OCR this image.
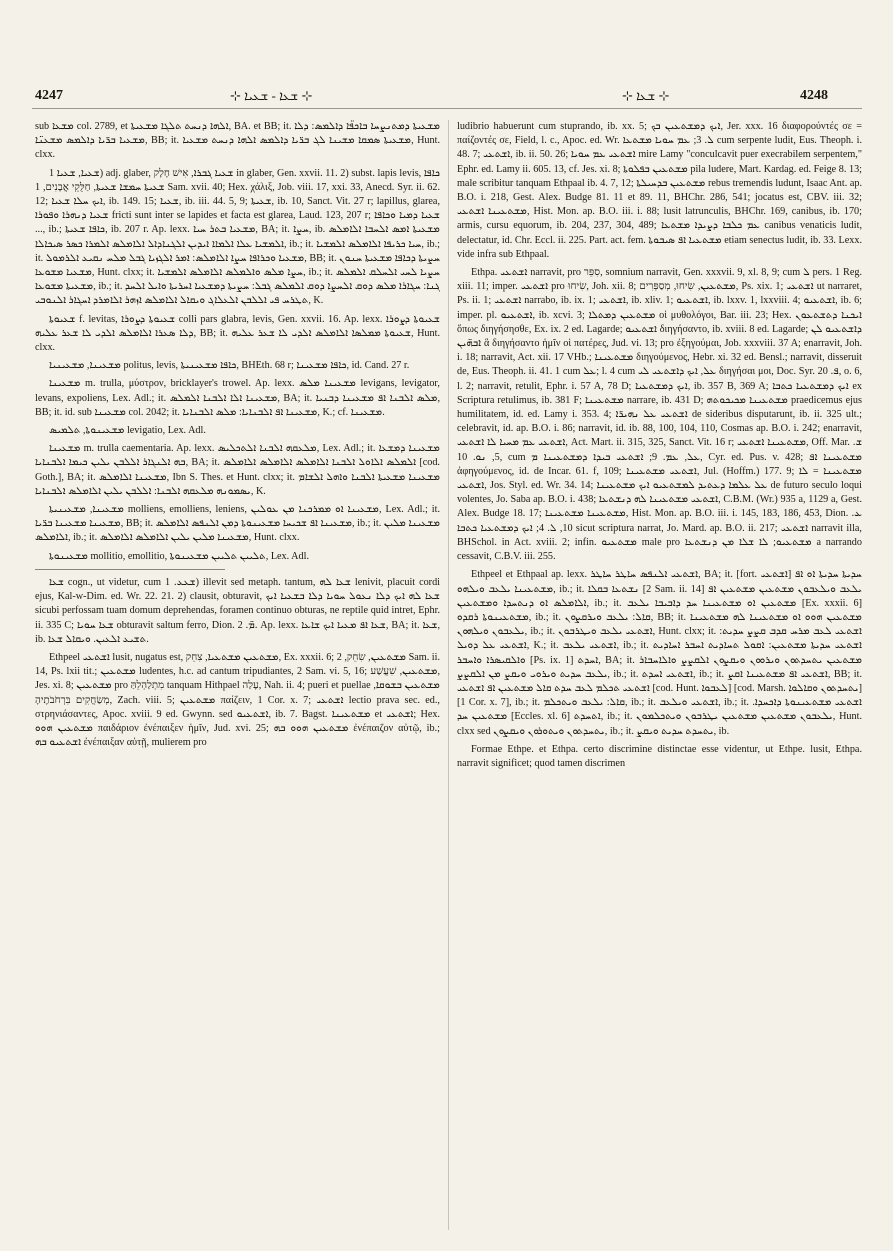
4247	⊹ ܫܥܐ - ܫܥܝܐ ⊹	⊹ ܫܥܐ ⊹	4248

sub ܡܫܥܐ col. 2789, et ܐܠܗܐ ܕܢܚܬ ܬܠܓܐ ܡܫܥܝܬܐ, BA. et BB; it. ܡܫܥܝܬܐ ܕܡܬܢܨܚܐ ܒܐܟܦ̈ܐ ܕܐܠܡܣ: ܕܠܐ ܡܫܥܝܐ ܒܪ̈ܝܐ ܕܐܠܡܣ ܡܫܥܢ̈ܐ, BB; it. ܡܫܥܝܬܐ ܣܡܩܐ ܡܫܝܢܐ ܠܓ ܒܪ̈ܝܐ ܕܐܠܡܣ ܐܠܗܐ ܕܢܚܬ ܡܫܥܝܐ, Hunt. clxx.

ܫܥܝܐ, ܫܥܝܐ 1) adj. glaber, ܫܥܝܐ ܓܒܪܐ, אִישׁ חָלָק in glaber, Gen. xxvii. 11. 2) subst. lapis levis, ܟܐܦܐ ܫܥܝܬܐ ܚܡܫܐ ܫܥܝܬܐ, חַלֻּקֵי אֲבָנִים, 1 Sam. xvii. 40; Hex. χάλιξ, Job. viii. 17, xxi. 33, Anecd. Syr. ii. 62. 12; ܐܝܟ ܚܠܐ ܫܥܝܐ, ib. 149. 15; ܫܥܝܐ, ib. iii. 44. 5, 9; ܫܥܝܬܐ, ib. 10, Sanct. Vit. 27 r; lapillus, glarea, ܫܥܝܐ ܕܢܗܪܐ ܘܦܘܪܐ fricti sunt inter se lapides et facta est glarea, Laud. 123, 207 r; ܫܥܝܐ ܕܡܝܐ ܘܟܐܦܐ ..., ib.; ܟܐܦܐ ܫܥܝܬܐ, ib. 207 r. Ap. lexx. ܡܫܥܝܐ ܒܬܪ ܚܝܐ, BA; it. ܚܨܐ, ib. ܡܫܥܝܬܐ ܐܡܣ ܐܠܚܒܐ ܐܠܐܡܠܣ ܐܠܡܫܝܐ ܥܠܐ ܐܠܡܐܐ ܐܝܕܝܢ ܐܠܓܢܐܕܐܠ ܐܠܐܡܠܣ ܐܠܡܪܐ ܟܣܪ ܣܝܟܐܠܐ, ib.; it. ܚܝܐ ܟܪܝܦܐ ܐܠܐܡܠܣ ܐܠܡܫܝܐ, ib.; it. ܡܫܥܝܐ ܘܟܪܐܦܐ ܚܨܐ ܐܠܐܡܠܣ: ܐܡܪ ܐܠܓܙܝܐ ܓܒܠ ܡܠܚ ܢܩܝܥ ܐܠܪܡܘܠ, BB; it. ܚܨܝܬܐ ܕܟܐܦܐ ܡܫܥܝܬܐ ܚܢܘܢ ܡܫܥܝܐ ܡܫܘܥܐ, Hunt. clxx; it. ܚܨܐ ܡܠܣ ܘܐܠܡܠܣ ܐܠܐܡܠܣ ܐܠܡܫܝܐ, ib.; it. ܚܨܝܐ ܠܚܝ ܐܠܚܠܩ ܐܠܡܠܣ ܡܫܥܝܬܐ ܡܫܘܥܐ, ib.; it. ܓܢܐ: ܚܓܐܪܐ ܡܠܣ ܕܘܩ ܐܠܚܨܐ ܕܘܩ ܐܠܡܠܣ ܓܒܠ: ܚܨܝܬܐ ܕܡܫܥܝܐ ܐܚܪܝܬܐ ܘܐܝܠ ܐܠܚܕ ܬܛܪܚ ܦܝ ܐܠܠܒܢ ܐܠܥܠܐܓ ܘܝܩܐܠ ܐܠܐܡܠܣ ܐܙܗܪ ܐܠܐܡܪܕ ܐܚܓܐܪ ܐܠܢܘܒܝ, K.

ܫܥܝܘܬܐ f. levitas, ܫܥܝܘܬܐ ܕܨܘܪܐ colli pars glabra, levis, Gen. xxvii. 16. Ap. lexx. ܫܥܝܘܬܐ ܕܨܘܪܐ ܕܠܐ ܣܥܪܐ ܐܠܐܡܠܣ ܐܠܕܝ ܠܐ ܫܥܪ ܥܠܝܗ, BB; it. ܫܥܝܘܬܐ ܡܡܠܣܐ ܐܠܐܡܠܣ ܐܠܕܝ ܠܐ ܫܥܪ ܥܠܝܗ, Hunt. clxx.

ܡܫܥܝܢܐ, ܡܫܥܝܢܝܐ politus, levis, ܟܐܦܐ ܡܫܥܝܢܝܬܐ, BHEth. 68 r; ܟܐܦܐ ܡܫܥܝܢܐ, id. Cand. 27 r.

ܡܫܥܝܢܐ m. trulla, μύστρον, bricklayer's trowel. Ap. lexx. ܡܫܥܝܢܐ ܡܠܣ levigans, levigator, levans, expoliens, Lex. Adl.; it. ܡܫܥܝܢܐ ܐܠܐ ܐܠܒܢܐ ܐܠܡܠܣ, BA; it. ܡܠܣ ܐܠܒܢܐ ܐܦ ܡܫܥܝܢܐ ܕܒܢܝܐ, BB; it. id. sub ܡܫܥܝܢܐ col. 2042; it. ܡܫܥܝܢܐ ܐܦ ܐܠܒܢܐܝܐ: ܡܠܣ ܐܠܒܢܐܝܐ, K.; cf. ܡܫܥܝܢܐ.

ܡܫܥܝܢܘܬܐ, ܬܠܡܝܣ levigatio, Lex. Adl.

ܡܫܥܝܢܐ m. trulla caementaria. Ap. lexx. ܡܠܥܩܗ ܐܠܒܢܐ ܐܠܬܟܠܝܣ, Lex. Adl.; it. ܡܫܥܝܢܐ ܕܡܫܥܐ ܒܗ ܐܠܢܓܐܪ ܐܠܠܒܢ ܝܠܝܢ ܟܝܡܐ ܐܠܒܢܐܝܐ, BA; it. ܐܠܡܠܣ ܐܠܐܘܠ ܐܠܒܢܐ ܐܠܐܡܠܣ ܐܠܐܡܠܣ ܐܠܐܡܠܣ [cod. Goth.], BA; it. ܡܫܥܝܢܐ ܐܠܐܡܠܣ, Ibn S. Thes. et Hunt. clxx; it. ܡܫܥܝܢܐ ܡܫܥܝܬܐ ܐܠܒܢܐ ܘܐܗܠ ܐܠܫܐܡ ܝܣܡܘܢܗ ܡܠܥܩܗ ܐܠܒܢܐ: ܐܠܠܒܢ ܝܠܝܢ ܐܠܐܡܠܣ ܐܠܒܢܐܝܐ, K.

ܡܫܥܝܢܐ, ܡܫܥܝܢܝܬܐ molliens, emolliens, leniens, ܡܫܥܝܢܐ ܐܘ ܡܡܪܟܢܐ ܡܢ ܥܘܠܝܢ, Lex. Adl.; it. ܡܫܥܝܢܐ ܡܫܥܝܢܐ ܒܪ̈ܝܐ, BB; it. ܡܫܥܝܢܐ ܐܦ ܫܟܝܚܐ ܡܫܥܝܢܘܬܐ ܕܡܢ ܐܠܢܦܣ ܐܠܐܡܠܣ, ib.; it. ܡܫܥܝܢܐ ܡܠܝܢ ܐܠܐܡܠܣ, ib.; it. ܡܫܥܝܢܐ ܡܠܝܢ ܝܠܝܢ ܐܠܐܡܠܣ ܐܠܐܡܠܣ, Hunt. clxx.

ܡܫܥܝܢܘܬܐ mollitio, emollitio, ܬܠܝܝܢ ܬܠܝܝܢ ܡܫܥܝܢܘܬܐ, Lex. Adl.

ܫܥܐ cogn., ut videtur, cum ܫܥܥ. 1) illevit sed metaph. tantum, ܫܥܐ ܠܗ lenivit, placuit cordi ejus, Kal-w-Dim. ed. Wr. 22. 21. 2) clausit, obturavit, ܫܥܐ ܠܗ ܐܝܟ ܕܠܐ ܢܥܘܠ ܚܘܝܐ ܕܠܐ ܒܫܥܝܐ ܐܝܟ sicubi perfossam tuam domum deprehendas, foramen continuo obturas, ne reptile quid intret, Ephr. ii. 335 C; ܫܥܐ ܚܘܝܐ obturavit saltum ferro, Dion. ܡ̈. 2. Ap. lexx. ܫܥܐ ܐܦ ܡܥܝܐ ܐܝܟ ܫܐܥܐ, BA; it. ܫܥܐ, ib. ܬܫܝܥ ܐܠܥܝܢ. ܘܝܩܐܠ ܫܥܐ.

Ethpeel ܐܫܬܥܝ lusit, nugatus est, ܡܫܬܥܝܢ ܡܫܬܥܝܐ, צִחֵק, Ex. xxxii. 6; ܡܫܬܥܝܢ, שִׂחֵק, 2 Sam. ii. 14, Ps. lxii tit.; ܡܫܬܥܝܢ ludentes, h.c. ad cantum tripudiantes, 2 Sam. vi. 5, 16; ܡܫܬܥܝܢ, שִׁעֲשַׁע, Jes. xi. 8; ܡܫܬܥܝܢ pro מִתְלַהְלֵהַּ tanquam Hithpael עָלַה, Nah. ii. 4; pueri et puellae ܡܫܬܥܝܢ ܒܫܘܩܐ, מְשַׂחֲקִים בִּרְחֹבֹתֶיהָ, Zach. viii. 5; ܡܫܬܥܝܢ παίζειν, 1 Cor. x. 7; ܐܫܬܥܝ lectio prava sec. ed., στρηνιάσαντες, Apoc. xviii. 9 ed. Gwynn. sed ܐܫܬܥܝܘ, ib. 7. Bagst. ܡܫܬܥܝܢܐ et ܐܫܬܥܝ; Hex. ܡܫܬܥܝܢ ܗܘܘ παιδάριον ἐνέπαιξεν ἡμῖν, Jud. xvi. 25; ܡܫܬܥܝܢ ܗܘܘ ܒܗ ἐνέπαιζον αὐτῷ, ib.; ܐܫܬܥܝܘ ܒܗ ἐνέπαιξαν αὐτῇ, mulierem pro

ludibrio habuerunt cum stuprando, ib. xx. 5; ܐܝܟ ܕܡܫܬܥܝܢ ܒܟ, Jer. xxx. 16 διαφορούντές σε = παίζοντές σε, Field, l. c., Apoc. ed. Wr. ܠ. 3; ܥܡ ܚܘܝܐ ܡܫܬܥܐ cum serpente ludit, Eus. Theoph. i. 48. 7; ܐܫܬܥܝ, ib. ii. 50. 26; ܐܫܬܥܝ ܥܡ ܚܘܝܐ mire Lamy "conculcavit puer execrabilem serpentem," Ephr. ed. Lamy ii. 605. 13, cf. Jes. xi. 8; ܡܫܬܥܝܢ ܒܦܠܘܬܐ pila ludere, Mart. Kardag. ed. Feige 8. 13; male scribitur tanquam Ethpaal ib. 4. 7, 12; ܡܫܬܥܝܢ ܒܕܚܝܠܬܐ rebus tremendis ludunt, Isaac Ant. ap. B.O. i. 218, Gest. Alex. Budge 81. 11 et 89. 11, BHChr. 286, 541; jocatus est, CBV. iii. 32; ܡܫܬܥܝܢܐ ܐܫܬܥܝ, Hist. Mon. ap. B.O. iii. i. 88; lusit latrunculis, BHChr. 169, canibus, ib. 170; armis, cursu equorum, ib. 204, 237, 304, 489; ܥܡ ܟܠܒܐ ܕܨܝܕܐ ܡܫܬܥܐ canibus venaticis ludit, delectatur, id. Chr. Eccl. ii. 225. Part. act. fem. ܡܫܬܥܝܐ ܐܦ ܣܝܒܘܬܐ etiam senectus ludit, ib. 33. Lexx. vide infra sub Ethpaal.

Ethpa. ܐܫܬܥܝ narravit, pro סִפֵּר, somnium narravit, Gen. xxxvii. 9, xl. 8, 9; cum ܠ pers. 1 Reg. xiii. 11; imper. ܐܫܬܥܝ pro שִׂיחוּ, Joh. xii. 8; ܡܫܬܥܝܢ, שִׂיחוּ, מְסַפְּרִים, Ps. xix. 1; ܐܫܬܥܝ ut narraret, Ps. ii. 1; ܐܫܬܥܝ narrabo, ib. ix. 1; ܐܫܬܥܝ, ib. xliv. 1; ܐܫܬܥܝܘ, ib. lxxv. 1, lxxviii. 4; ܐܫܬܥܝܘ, ib. 6; imper. pl. ܐܫܬܥܝܘ, ib. xcvi. 3; ܡܫܬܥܝܢ ܕܡܬܠܐ οἱ μυθολόγοι, Bar. iii. 23; Hex. ܐܝܟܢܐ ܕܬܫܬܥܘܢ ὅπως διηγήσησθε, Ex. ix. 2 ed. Lagarde; ܐܫܬܥܝܘ διηγήσαντο, ib. xviii. 8 ed. Lagarde; ܕܐܫܬܥܝܘ ܠܢ ܐܒܗ̈ܝܢ ἃ διηγήσαντο ἡμῖν οἱ πατέρες, Jud. vi. 13; pro ἐξηγούμαι, Job. xxxviii. 37 A; enarravit, Joh. i. 18; narravit, Act. xii. 17 VHb.; ܡܫܬܥܝܢܐ διηγούμενος, Hebr. xi. 32 ed. Bensl.; narravit, disseruit de, Eus. Theoph. ii. 41. 1 cum ܥܠ; l. 4 cum ܥܠ, ܐܝܟ ܕܐܫܬܥܝ ܠܝ διηγήσαι μοι, Doc. Syr. ܦ. 20, o. 6, l. 2; narravit, retulit, Ephr. i. 57 A, 78 D; ܐܝܟ ܕܡܫܬܥܝܐ, ib. 357 B, 369 A; ܐܝܟ ܕܡܫܬܥܝܐ ܟܬܒܐ ex Scriptura retulimus, ib. 381 F; ܡܫܬܥܝܢܐ narrare, ib. 431 D; ܡܫܬܥܝܢܐ ܡܟܝܟܘܬܗ praedicemus ejus humilitatem, id. ed. Lamy i. 353. 4; ܐܫܬܥܝ ܥܠ ܢܗܝܪ̈ܐ de sideribus disputarunt, ib. ii. 325 ult.; celebravit, id. ap. B.O. i. 86; narravit, id. ib. 88, 100, 104, 110, Cosmas ap. B.O. i. 242; enarravit, ܐܫܬܥܝ ܥܡ ܡܚܝܐ ܠܐ ܐܫܬܥܝ, Act. Mart. ii. 315, 325, Sanct. Vit. 16 r; ܡܫܬܥܝܢܐ ܐܫܬܥܝ, Off. Mar. ܫ. 5, ܢܘ. 10, cum ܥܠ, ܥܡ. 9; ܐܫܬܥܝ ܒܝܕܐ ܕܡܫܬܥܝܢܐ ܡ, Cyr. ed. Pus. v. 428; ܡܫܬܥܝܢܐ ܐܦ ἀφηγούμενος, id. de Incar. 61. f, 109; ܐܫܬܥܝ ܡܫܬܥܝܢܐ, Jul. (Hoffm.) 177. 9; ܡܫܬܥܝܢܐ = ܠܐ ܐܫܬܥܝ, Jos. Styl. ed. Wr. 34. 14; ܥܠ ܥܠܡܐ ܕܥܬܝܕ ܠܡܫܬܥܝܘ ܐܝܟ ܡܫܬܥܝܢܐ de futuro seculo loqui volentes, Jo. Saba ap. B.O. i. 438; ܐܫܬܥܝ ܡܫܬܥܝܢܐ ܠܗ ܕܢܫܬܥܐ, C.B.M. (Wr.) 935 a, 1129 a, Gest. Alex. Budge 18. 17; ܡܫܬܥܝܢܐ ܡܫܬܥܝܢܐ, Hist. Mon. ap. B.O. iii. i. 145, 183, 186, 453, Dion. ܥ. 10, ܠ. 4; ܐܝܟ ܕܡܫܬܥܝܐ ܟܬܒܐ sicut scriptura narrat, Jo. Mard. ap. B.O. ii. 217; ܐܫܬܥܝ narravit illa, BHSchol. in Act. xviii. 2; infin. ܡܫܬܥܝܘ male pro ܡܫܬܥܝܘ; ܠܐ ܫܠܐ ܡܢ ܕܢܫܬܥܐ a narrando cessavit, C.B.V. iii. 255.

Ethpeel et Ethpaal ap. lexx. ܐܫܬܥܝ ܐܠܢܦܣ ܚܐܛܪ ܚܐܛܪ, BA; it. [fort. ܐܫܬܥܝ] ܚܕܝܬܐ ܚܕܝܬܐ ܐܘ ܐܦ ܡܫܬܥܝܢܐ ܝܠܥܒ ܘܝܠܗܘ, ib.; it. ܢܫܬܥܐ ܒܩܠܐ [2 Sam. ii. 14] ܝܠܥܒ ܘܝܠܥܒܘܢ ܡܫܬܥܝܢ ܡܫܬܥܝܢ ܐܦ ܐܠܐܡܠܣ ܐܘ ܕܢܬܚܕܐ ܘܡܫܬܥܝܢ, ib.; it. ܡܫܬܥܝܢ ܐܘ ܡܫܬܥܝܢܐ ܚܕ ܕܐܒܝܒܐ ܝܠܥܒ [Ex. xxxii. 6] ܡܫܬܥܝܢܘܬܐ ܪܩܕܘ, ib.; it. ܩܐܠ: ܝܠܥܒ ܘܝܪܩܨܘܢ, BB; it. ܡܫܬܥܝܢ ܗܘܘ ܐܘ ܡܫܬܥܝܢܐ ܠܗ ܡܫܬܥܝܢܐ ܝܠܥܒܘܢ ܘܝܠܗܘܢ, ib.; it. ܐܫܬܥܝ ܝܠܥܒ ܘܝܛܪܒܘܢ, Hunt. clxx; it. ܐܫܬܥܝ ܠܥܒ ܡܪܚ ܩܕܒ ܩܨܨ ܚܕܝܬ: ܐܫܬܥܝ ܥܠ ܕܘܝܠ, K.; it. ܐܫܬܥܝ ܝܠܥܒ, ib.; it. ܐܫܬܥܝ ܚܕܝܬܐ ܡܫܬܥܝܢ: ܐܩܘܠ ܬܚܐܕܝܬ ܐܚܒܪ ܐܚܐܕܝܬ ܘܐܠܩܝܣܪܐ ܘܐܚܒܪ [Ps. ix. 1] ܐܚܕܬ, BA; it. ܡܫܬܥܝܢ ܝܬܚܕܬܘܢ ܘܝܪܘܘܢ ܘܝܩܨܘܢ ܐܠܩܨܨ ܘܐܠܐܚܒܐܪ ܝܠܥܒ ܚܕܝܬ ܘܝܪܘܝ ܘܝܩܨ ܡܢ ܐܠܩܨܨ, ib.; it. ܐܫܬܥܝ ܐܚܕܬ, ib.; it. ܐܫܬܥܝ ܐܦ ܡܫܬܥܝܢܐ ܐܩܨ, BB; it. ܐܫܬܥܝ ܬܟܠܡ ܠܥܒ ܚܕܬ ܩܐܠ ܡܫܬܥܝܢ ܐܦ ܐܫܬܥܝ [cod. Hunt. ܠܥܒܘܐ] [cod. Marsh. ܝܬܚܕܬܘܢ ܘܩܐܠܘܐ] [1 Cor. x. 7], ib.; it. ܩܐܠ: ܝܠܥܒ ܘܝܬܟܠܡ, ib.; it. ܐܫܬܥܝ ܘܝܠܥܒ, ib.; it. ܐܫܬܥܝ ܡܫܬܥܝܢܘܬܐ ܕܐܟܚܕܐ. ܡܫܬܥܝܢ ܚܕ [Eccles. xl. 6] ܐܬܚܕܬ, ib.; it. ܝܠܥܒܘܢ ܡܫܬܥܝܢ ܡܫܬܥܝܢ ܝܛܪܒܘܢ ܘܝܬܟܠܡܘܢ, Hunt. clxx sed ܝܬܚܕܬܘܢ ܘܝܬܘܪܘܢ ܘܝܩܨܘܢ, ib.; it. ܝܬܚܕܬ ܚܕܝܬ ܘܝܩܨ, ib.

Formae Ethpe. et Ethpa. certo discrimine distinctae esse videntur, ut Ethpe. lusit, Ethpa. narravit significet; quod tamen discrimen
